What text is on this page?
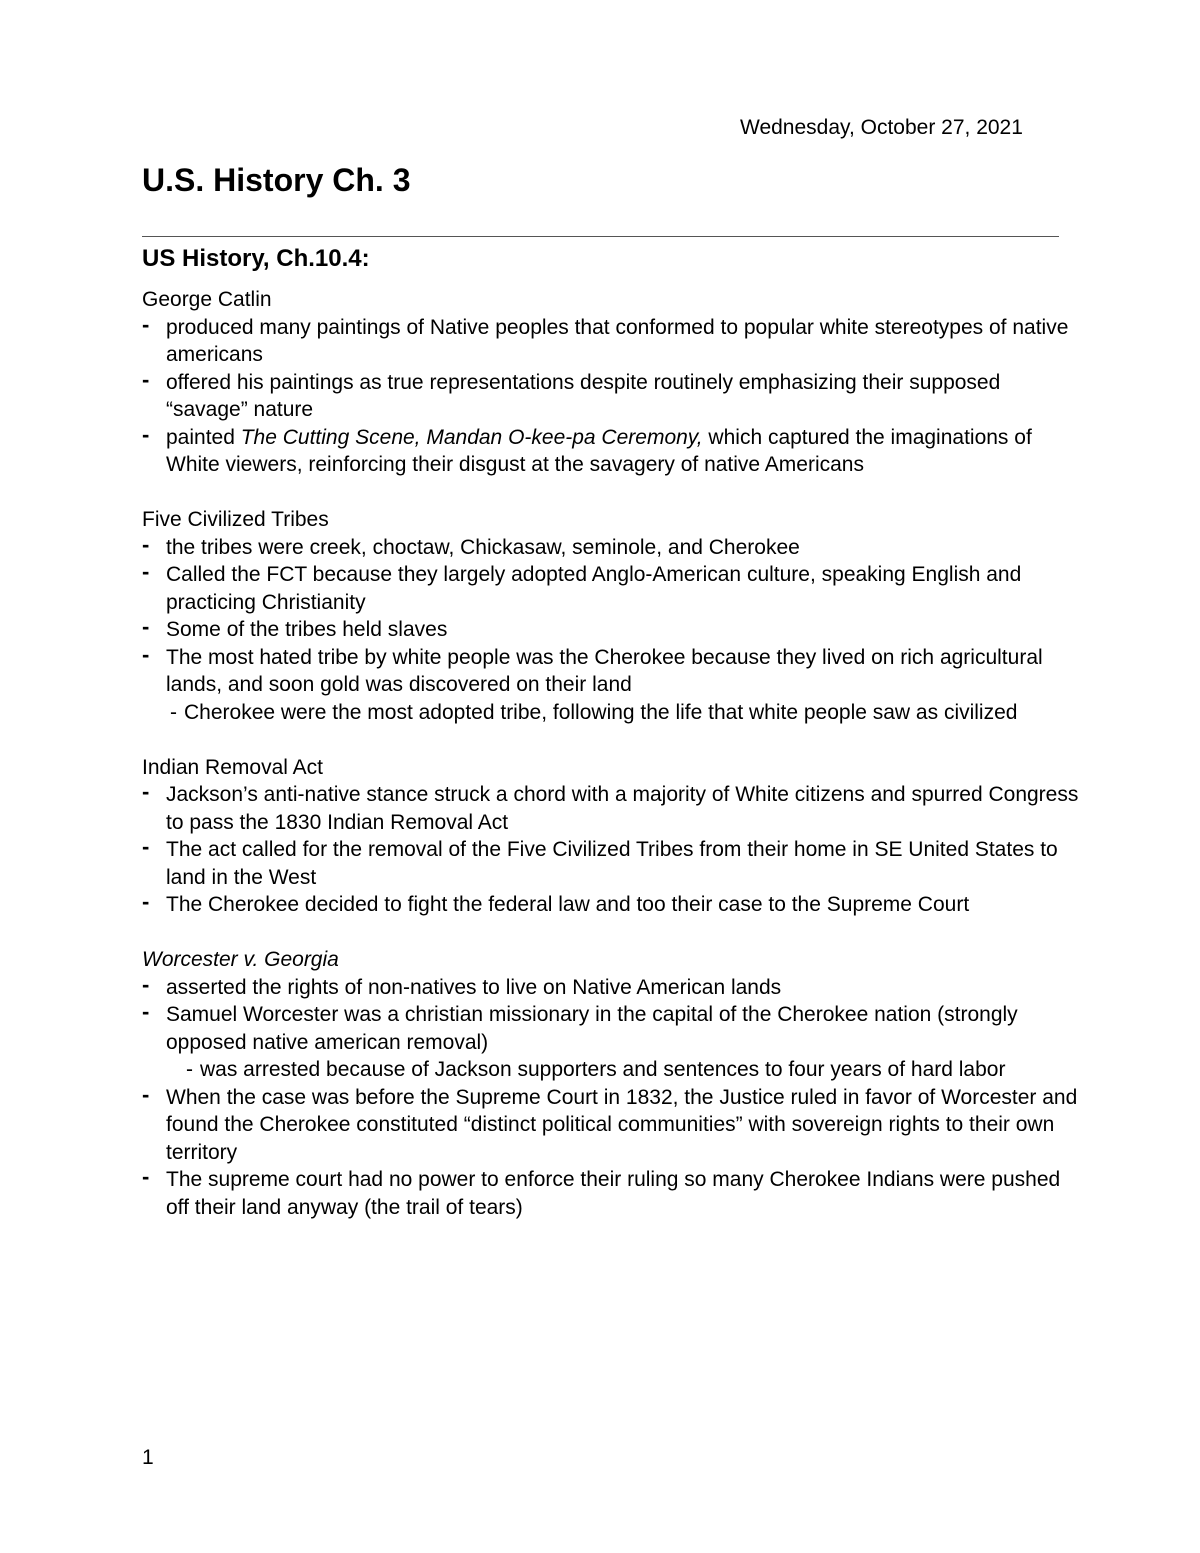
Wednesday, October 27, 2021
U.S. History Ch. 3
US History, Ch.10.4:

George Catlin

- produced many paintings of Native peoples that conformed to popular white stereotypes of native americans
- offered his paintings as true representations despite routinely emphasizing their supposed “savage” nature
- painted The Cutting Scene, Mandan O-kee-pa Ceremony, which captured the imaginations of White viewers, reinforcing their disgust at the savagery of native Americans

Five Civilized Tribes

- the tribes were creek, choctaw, Chickasaw, seminole, and Cherokee
- Called the FCT because they largely adopted Anglo-American culture, speaking English and practicing Christianity
- Some of the tribes held slaves
- The most hated tribe by white people was the Cherokee because they lived on rich agricultural lands, and soon gold was discovered on their land
- Cherokee were the most adopted tribe, following the life that white people saw as civilized

Indian Removal Act

- Jackson’s anti-native stance struck a chord with a majority of White citizens and spurred Congress to pass the 1830 Indian Removal Act
- The act called for the removal of the Five Civilized Tribes from their home in SE United States to land in the West
- The Cherokee decided to fight the federal law and too their case to the Supreme Court

Worcester v. Georgia

- asserted the rights of non-natives to live on Native American lands
- Samuel Worcester was a christian missionary in the capital of the Cherokee nation (strongly opposed native american removal)
- was arrested because of Jackson supporters and sentences to four years of hard labor
- When the case was before the Supreme Court in 1832, the Justice ruled in favor of Worcester and found the Cherokee constituted “distinct political communities” with sovereign rights to their own territory
- The supreme court had no power to enforce their ruling so many Cherokee Indians were pushed off their land anyway (the trail of tears)
1
